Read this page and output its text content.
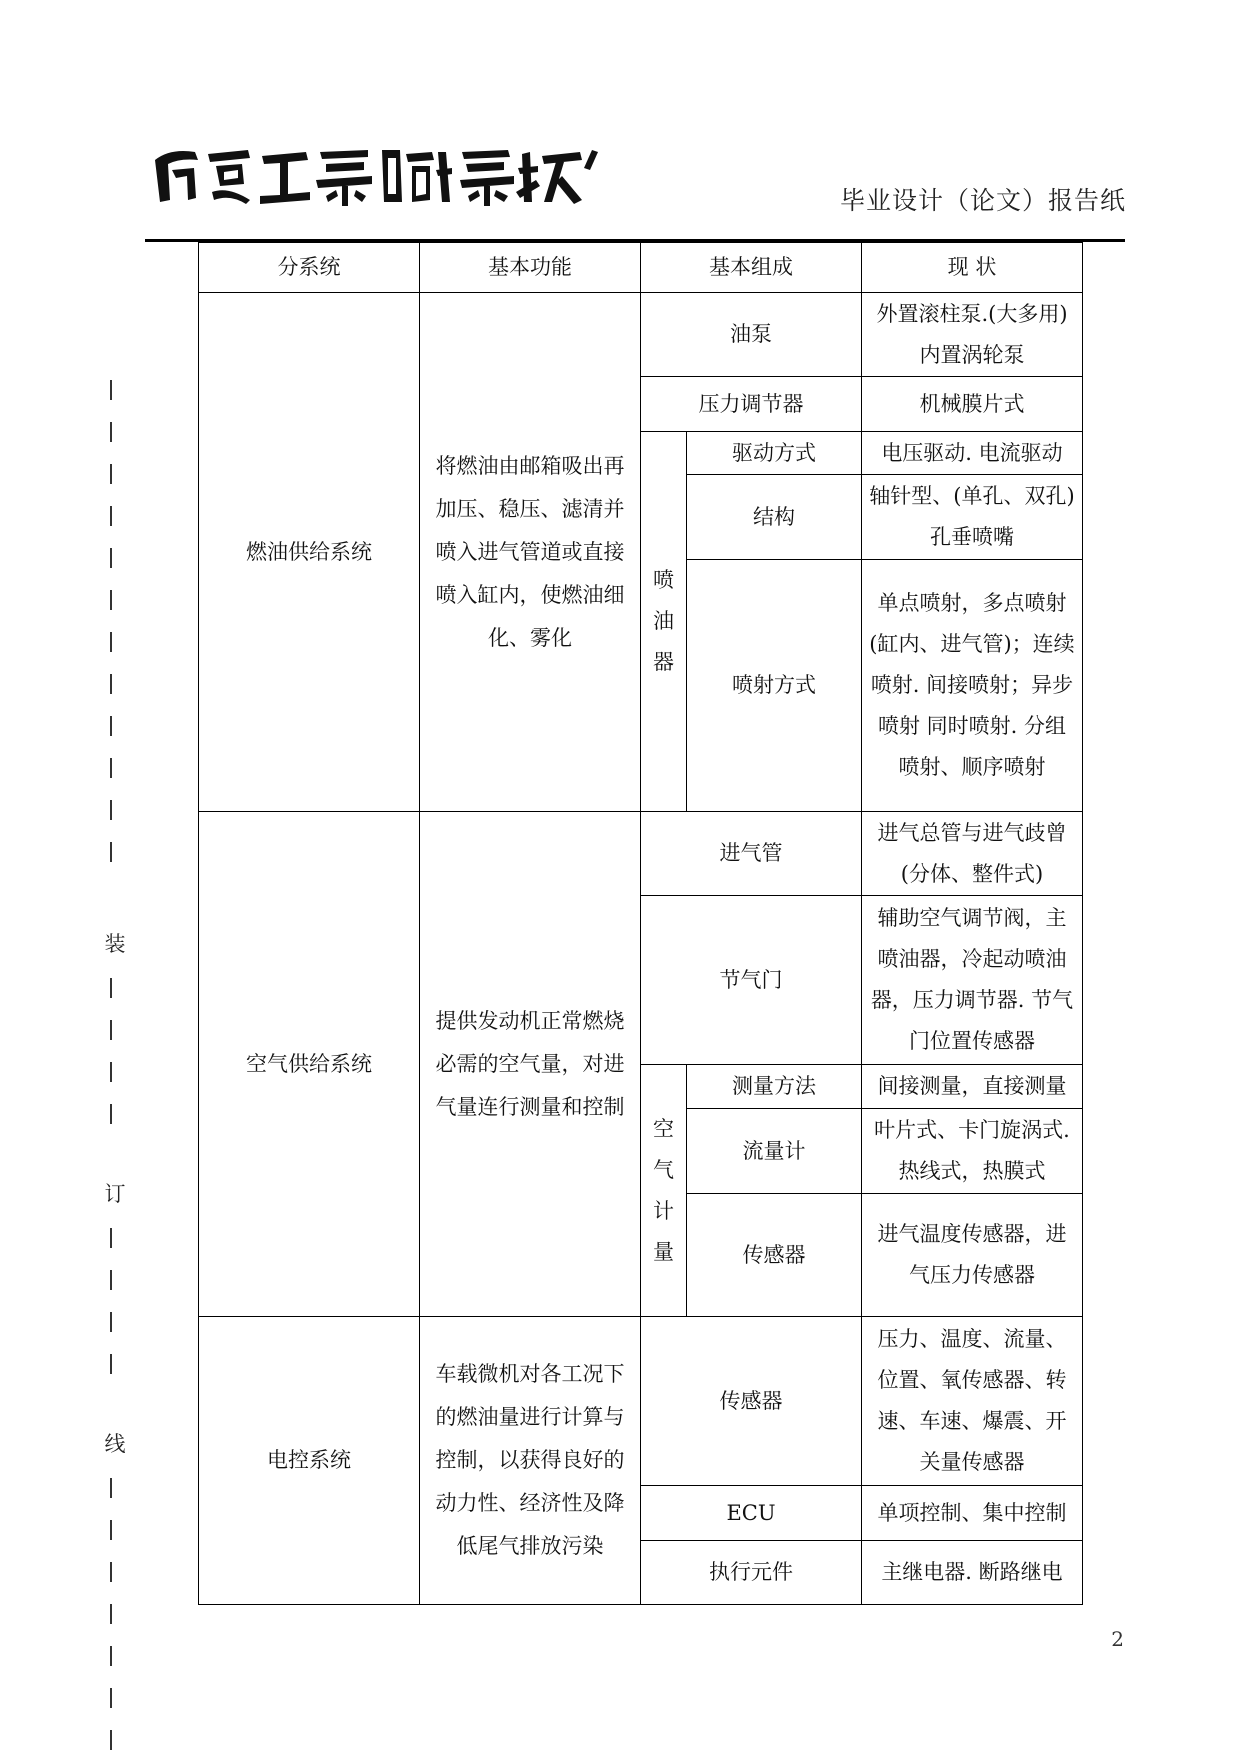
毕业设计（论文）报告纸
装
订
线
分系统	基本功能	基本组成		现 状
燃油供给系统	将燃油由邮箱吸出再加压、稳压、滤清并喷入进气管道或直接喷入缸内，使燃油细化、雾化	油泵		外置滚柱泵.(大多用)内置涡轮泵
		压力调节器		机械膜片式
		喷油器	驱动方式	电压驱动. 电流驱动
			结构	轴针型、(单孔、双孔)孔垂喷嘴
			喷射方式	单点喷射，多点喷射(缸内、进气管)；连续喷射. 间接喷射；异步喷射 同时喷射. 分组喷射、顺序喷射

空气供给系统	提供发动机正常燃烧必需的空气量，对进气量连行测量和控制	进气管		进气总管与进气歧曾(分体、整件式)
		节气门		辅助空气调节阀，主喷油器，冷起动喷油器，压力调节器. 节气门位置传感器
		空气计量	测量方法	间接测量，直接测量
			流量计	叶片式、卡门旋涡式. 热线式，热膜式
			传感器	进气温度传感器，进气压力传感器
电控系统	车载微机对各工况下的燃油量进行计算与控制，以获得良好的动力性、经济性及降低尾气排放污染	传感器		压力、温度、流量、位置、氧传感器、转速、车速、爆震、开关量传感器
		ECU		单项控制、集中控制
		执行元件		主继电器. 断路继电
2
